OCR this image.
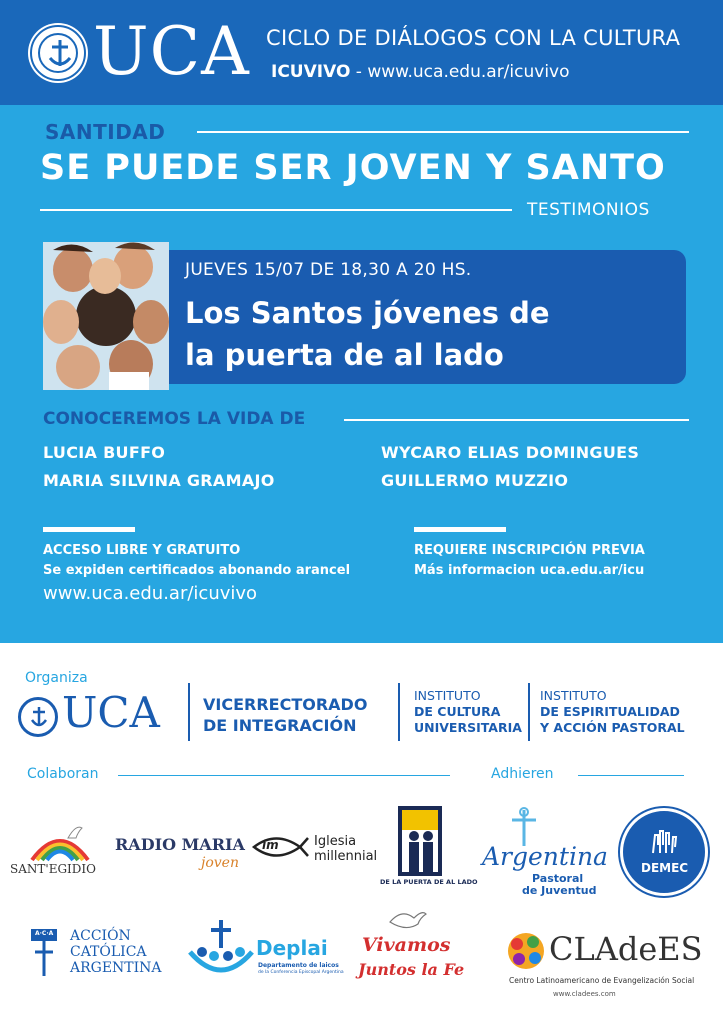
UCA CICLO DE DIÁLOGOS CON LA CULTURA
ICUVIVO - www.uca.edu.ar/icuvivo
SANTIDAD
SE PUEDE SER JOVEN Y SANTO
TESTIMONIOS
JUEVES 15/07 DE 18,30 A 20 HS.
Los Santos jóvenes de
la puerta de al lado
CONOCEREMOS LA VIDA DE
LUCIA BUFFO
MARIA SILVINA GRAMAJO
WYCARO ELIAS DOMINGUES
GUILLERMO MUZZIO
ACCESO LIBRE Y GRATUITO
Se expiden certificados abonando arancel
www.uca.edu.ar/icuvivo
REQUIERE INSCRIPCIÓN PREVIA
Más informacion uca.edu.ar/icu
Organiza
UCA	VICERRECTORADO
DE INTEGRACIÓN
INSTITUTO
DE CULTURA
UNIVERSITARIA
INSTITUTO
DE ESPIRITUALIDAD
Y ACCIÓN PASTORAL
Colaboran	Adhieren
SANT'EGIDIO
RADIO MARIA
joven
im	Iglesia
millennial
DE LA PUERTA DE AL LADO
Argentina
Pastoral
de Juventud
DEMEC
A·C·A ACCIÓN
CATÓLICA
ARGENTINA
Deplai
Departamento de laicos
de la Conferencia Episcopal Argentina
Vivamos
Juntos la Fe
CLAdeES
Centro Latinoamericano de Evangelización Social
www.cladees.com
